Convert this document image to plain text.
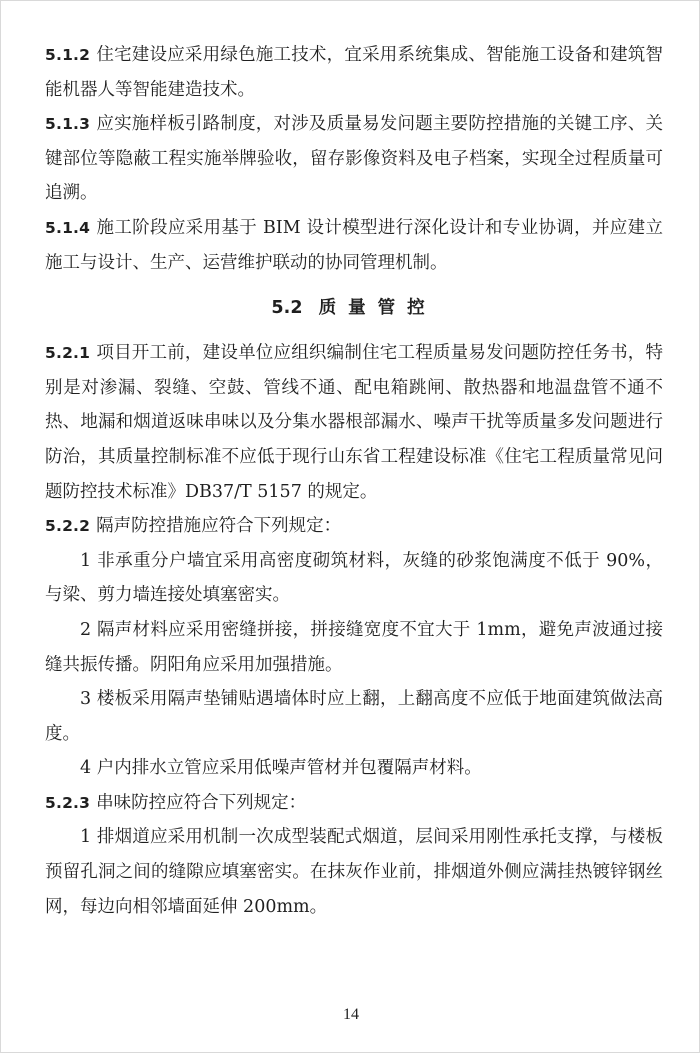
5.1.2 住宅建设应采用绿色施工技术，宜采用系统集成、智能施工设备和建筑智能机器人等智能建造技术。

5.1.3 应实施样板引路制度，对涉及质量易发问题主要防控措施的关键工序、关键部位等隐蔽工程实施举牌验收，留存影像资料及电子档案，实现全过程质量可追溯。

5.1.4 施工阶段应采用基于 BIM 设计模型进行深化设计和专业协调，并应建立施工与设计、生产、运营维护联动的协同管理机制。

5.2 质量管控

5.2.1 项目开工前，建设单位应组织编制住宅工程质量易发问题防控任务书，特别是对渗漏、裂缝、空鼓、管线不通、配电箱跳闸、散热器和地温盘管不通不热、地漏和烟道返味串味以及分集水器根部漏水、噪声干扰等质量多发问题进行防治，其质量控制标准不应低于现行山东省工程建设标准《住宅工程质量常见问题防控技术标准》DB37/T 5157 的规定。

5.2.2 隔声防控措施应符合下列规定：

1 非承重分户墙宜采用高密度砌筑材料，灰缝的砂浆饱满度不低于 90%，与梁、剪力墙连接处填塞密实。

2 隔声材料应采用密缝拼接，拼接缝宽度不宜大于 1mm，避免声波通过接缝共振传播。阴阳角应采用加强措施。

3 楼板采用隔声垫铺贴遇墙体时应上翻，上翻高度不应低于地面建筑做法高度。

4 户内排水立管应采用低噪声管材并包覆隔声材料。

5.2.3 串味防控应符合下列规定：

1 排烟道应采用机制一次成型装配式烟道，层间采用刚性承托支撑，与楼板预留孔洞之间的缝隙应填塞密实。在抹灰作业前，排烟道外侧应满挂热镀锌钢丝网，每边向相邻墙面延伸 200mm。

14
